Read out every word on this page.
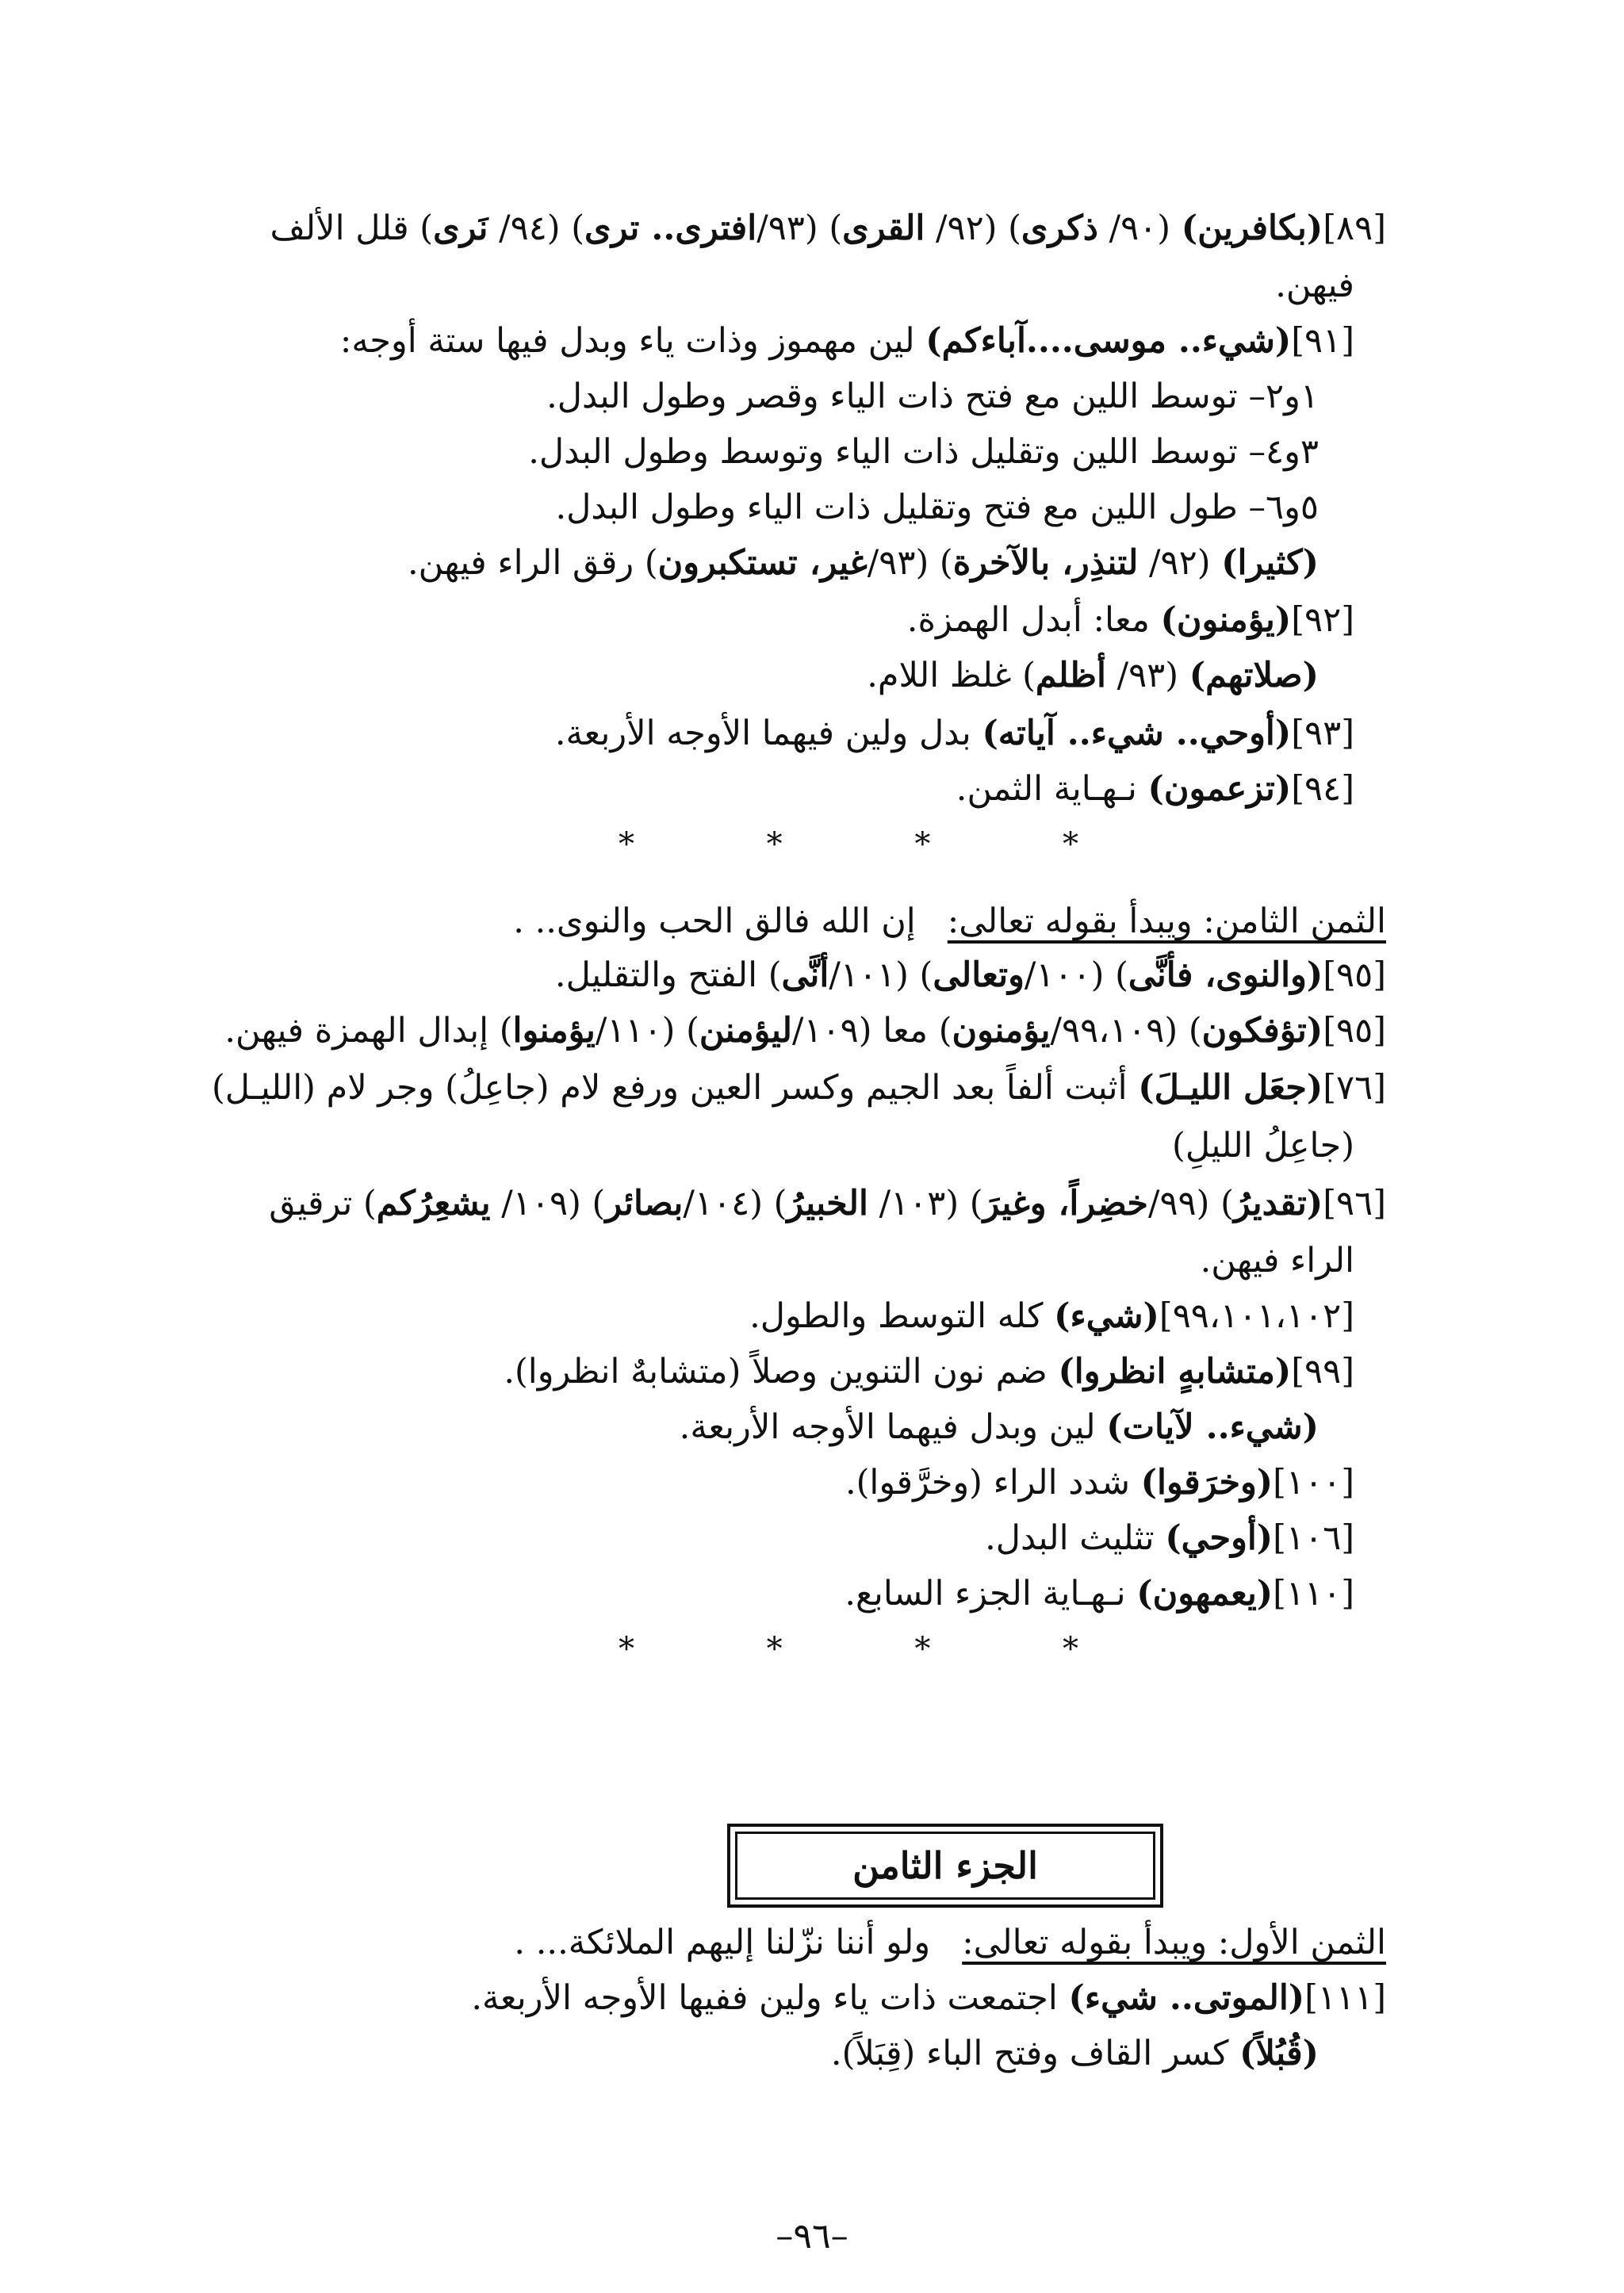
[٨٩](بكافرين) (٩٠/ ذكرى) (٩٢/ القرى) (٩٣/افترى.. ترى) (٩٤/ نَرى) قلل الألف
فيهن.
[٩١](شيء.. موسى....آباءكم) لين مهموز وذات ياء وبدل فيها ستة أوجه:
١و٢– توسط اللين مع فتح ذات الياء وقصر وطول البدل.
٣و٤– توسط اللين وتقليل ذات الياء وتوسط وطول البدل.
٥و٦– طول اللين مع فتح وتقليل ذات الياء وطول البدل.
(كثيرا) (٩٢/ لتنذِر، بالآخرة) (٩٣/غير، تستكبرون) رقق الراء فيهن.
[٩٢](يؤمنون) معا: أبدل الهمزة.
(صلاتهم) (٩٣/ أظلم) غلظ اللام.
[٩٣](أوحي.. شيء.. آياته) بدل ولين فيهما الأوجه الأربعة.
[٩٤](تزعمون) نـهـاية الثمن.
*	*	*	*
الثمن الثامن: ويبدأ بقوله تعالى:إن الله فالق الحب والنوى.. .
[٩٥](والنوى، فأنَّى) (١٠٠/وتعالى) (١٠١/أنَّى) الفتح والتقليل.
[٩٥](تؤفكون) (٩٩،١٠٩/يؤمنون) معا (١٠٩/ليؤمنن) (١١٠/يؤمنوا) إبدال الهمزة فيهن.
[٧٦](جعَل الليـلَ) أثبت ألفاً بعد الجيم وكسر العين ورفع لام (جاعِلُ) وجر لام (الليـل)
(جاعِلُ الليلِ)
[٩٦](تقديرُ) (٩٩/خضِراً، وغيرَ) (١٠٣/ الخبيرُ) (١٠٤/بصائر) (١٠٩/ يشعِرُكم) ترقيق
الراء فيهن.
[٩٩،١٠١،١٠٢](شيء) كله التوسط والطول.
[٩٩](متشابهٍ انظروا) ضم نون التنوين وصلاً (متشابهٌ انظروا).
(شيء.. لآيات) لين وبدل فيهما الأوجه الأربعة.
[١٠٠](وخرَقوا) شدد الراء (وخرَّقوا).
[١٠٦](أوحي) تثليث البدل.
[١١٠](يعمهون) نـهـاية الجزء السابع.
*	*	*	*
الجزء الثامن
الثمن الأول: ويبدأ بقوله تعالى:ولو أننا نزّلنا إليهم الملائكة... .
[١١١](الموتى.. شيء) اجتمعت ذات ياء ولين ففيها الأوجه الأربعة.
(قُبُلاً) كسر القاف وفتح الباء (قِبَلاً).
–٩٦–
